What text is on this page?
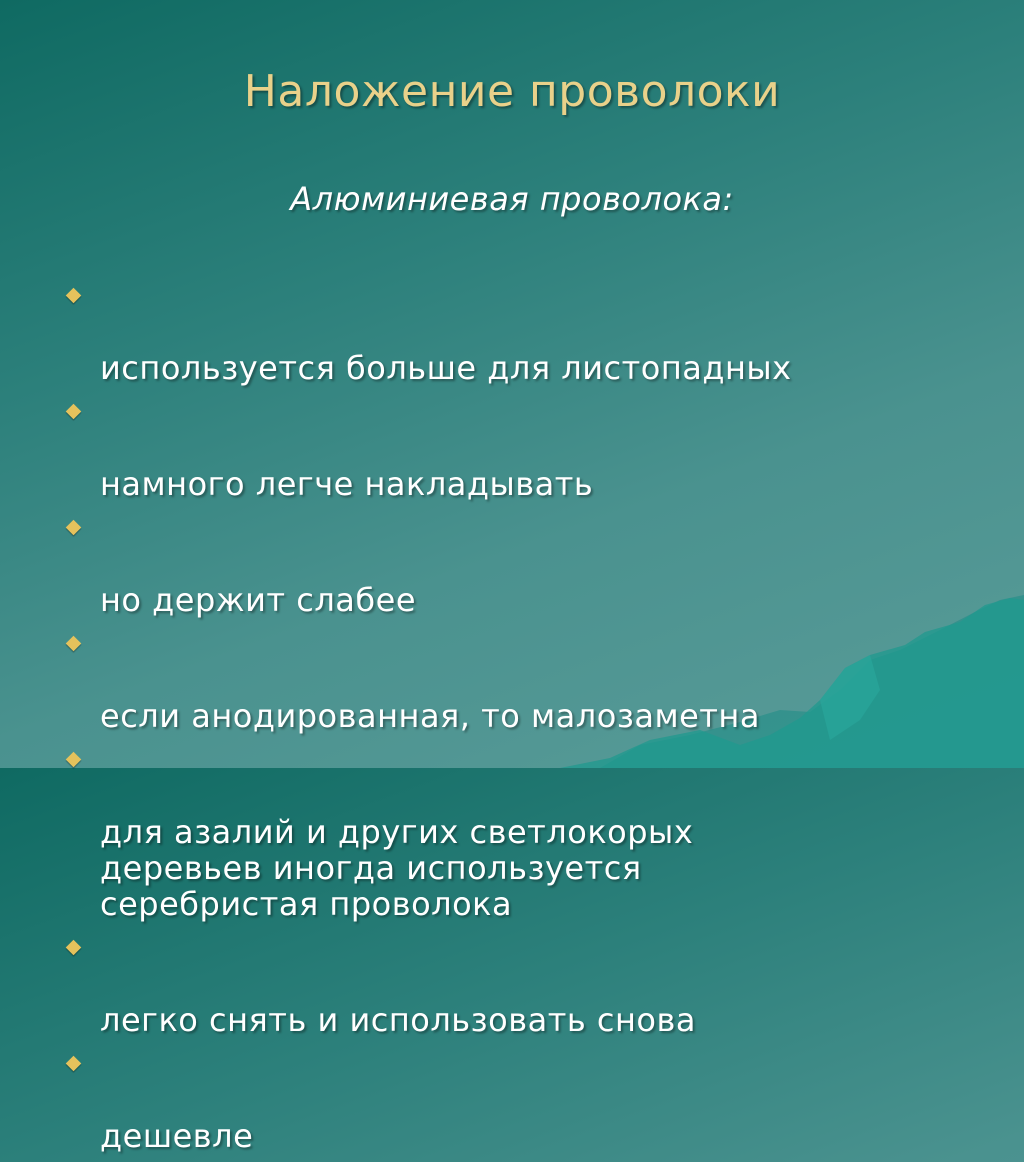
Наложение проволоки
Алюминиевая проволока:

используется больше для листопадных

намного легче накладывать

но держит слабее

если анодированная, то малозаметна

для азалий и других светлокорых
деревьев иногда используется
серебристая проволока

легко снять и использовать снова

дешевле
